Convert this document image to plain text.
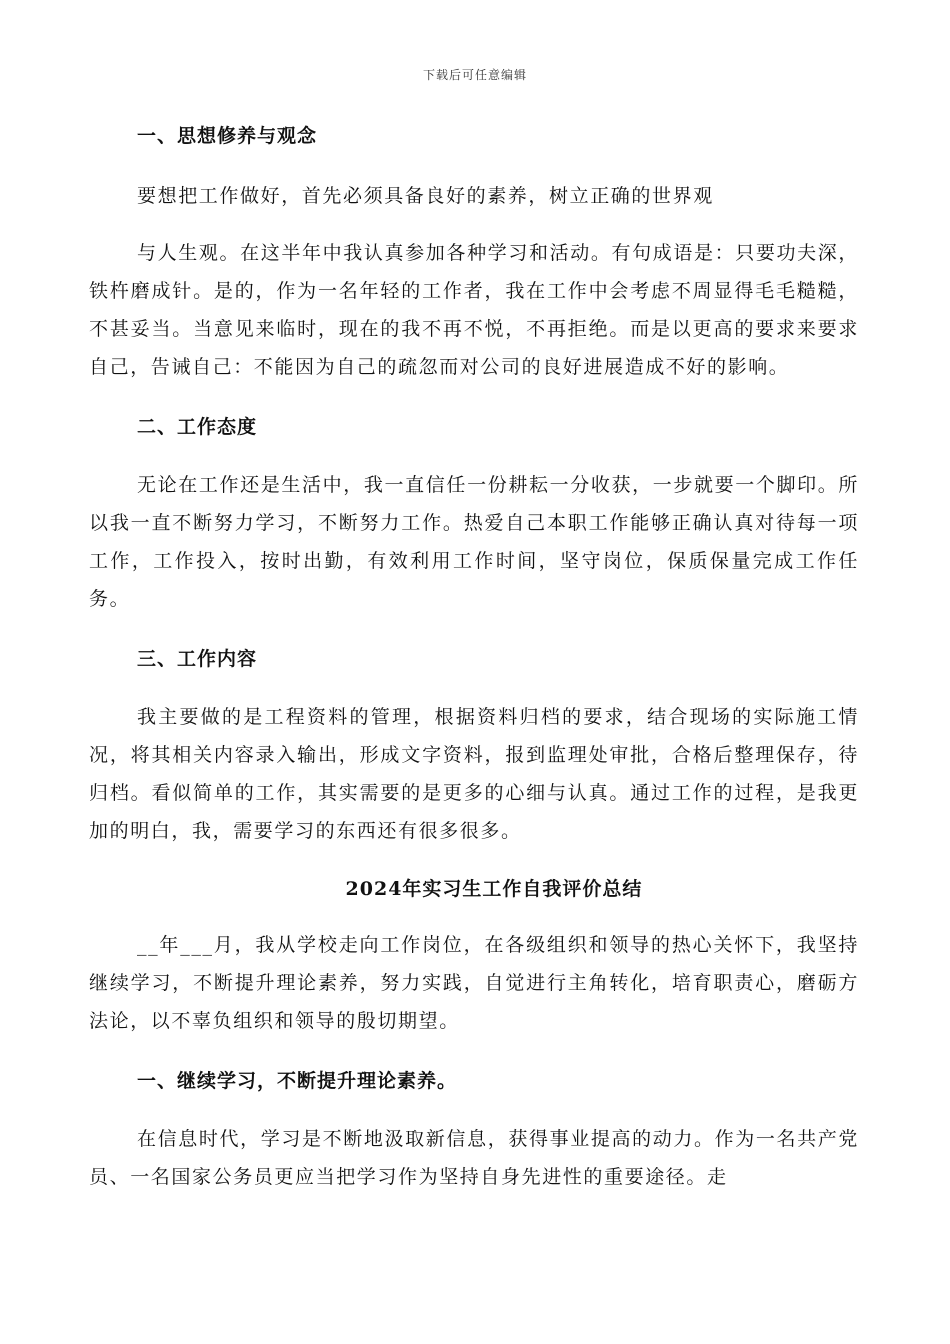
下载后可任意编辑
一、思想修养与观念

要想把工作做好，首先必须具备良好的素养，树立正确的世界观

与人生观。在这半年中我认真参加各种学习和活动。有句成语是：只要功夫深，铁杵磨成针。是的，作为一名年轻的工作者，我在工作中会考虑不周显得毛毛糙糙，不甚妥当。当意见来临时，现在的我不再不悦，不再拒绝。而是以更高的要求来要求自己，告诫自己：不能因为自己的疏忽而对公司的良好进展造成不好的影响。

二、工作态度

无论在工作还是生活中，我一直信任一份耕耘一分收获，一步就要一个脚印。所以我一直不断努力学习，不断努力工作。热爱自己本职工作能够正确认真对待每一项工作，工作投入，按时出勤，有效利用工作时间，坚守岗位，保质保量完成工作任务。

三、工作内容

我主要做的是工程资料的管理，根据资料归档的要求，结合现场的实际施工情况，将其相关内容录入输出，形成文字资料，报到监理处审批，合格后整理保存，待归档。看似简单的工作，其实需要的是更多的心细与认真。通过工作的过程，是我更加的明白，我，需要学习的东西还有很多很多。

2024年实习生工作自我评价总结

__年___月，我从学校走向工作岗位，在各级组织和领导的热心关怀下，我坚持继续学习，不断提升理论素养，努力实践，自觉进行主角转化，培育职责心，磨砺方法论，以不辜负组织和领导的殷切期望。

一、继续学习，不断提升理论素养。

在信息时代，学习是不断地汲取新信息，获得事业提高的动力。作为一名共产党员、一名国家公务员更应当把学习作为坚持自身先进性的重要途径。走
